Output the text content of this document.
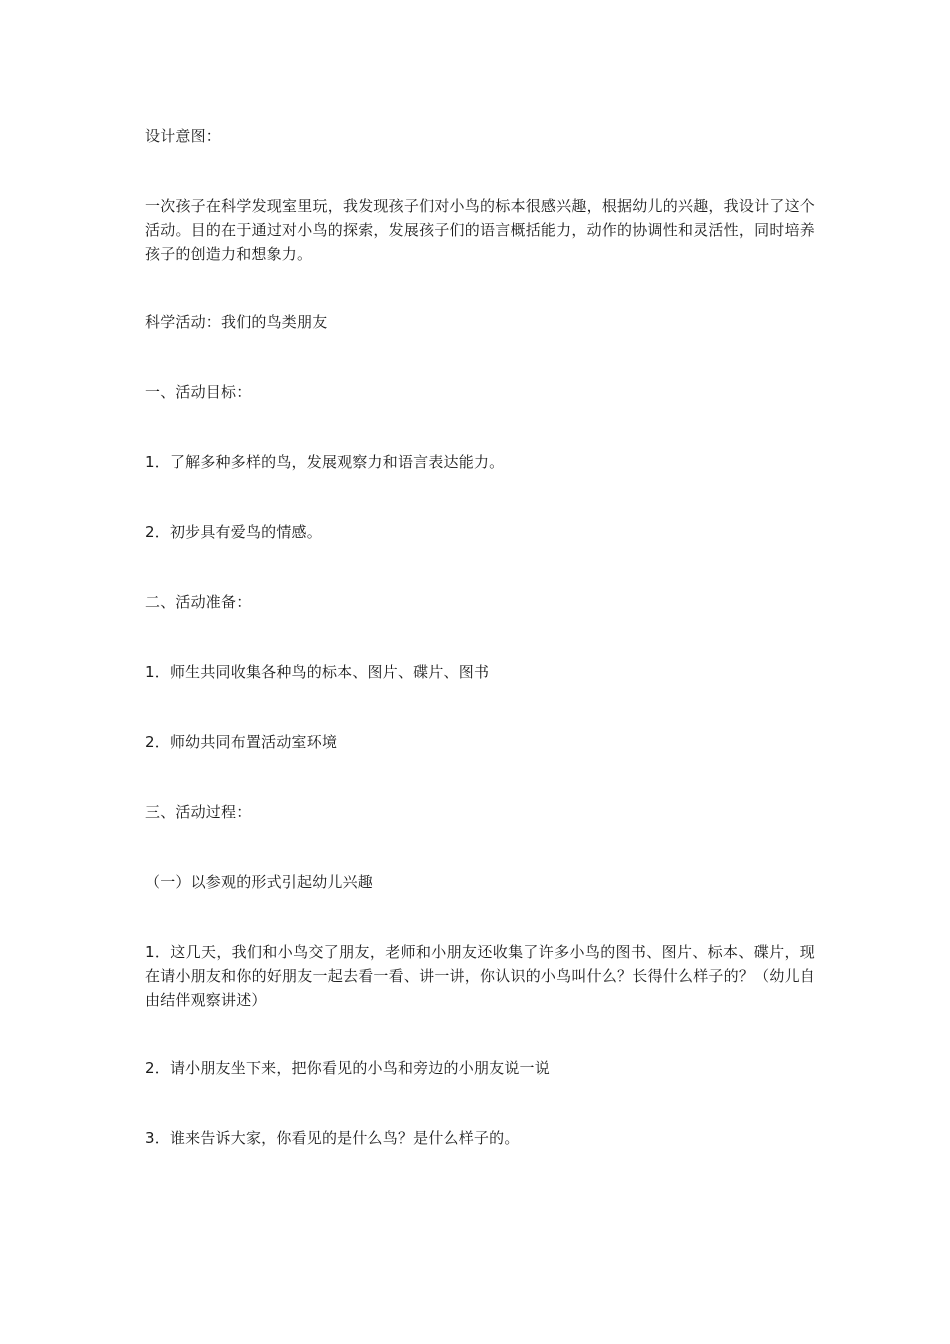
设计意图：

一次孩子在科学发现室里玩，我发现孩子们对小鸟的标本很感兴趣，根据幼儿的兴趣，我设计了这个活动。目的在于通过对小鸟的探索，发展孩子们的语言概括能力，动作的协调性和灵活性，同时培养孩子的创造力和想象力。

科学活动：我们的鸟类朋友

一、活动目标：

1．了解多种多样的鸟，发展观察力和语言表达能力。

2．初步具有爱鸟的情感。

二、活动准备：

1．师生共同收集各种鸟的标本、图片、碟片、图书

2．师幼共同布置活动室环境

三、活动过程：

（一）以参观的形式引起幼儿兴趣

1．这几天，我们和小鸟交了朋友，老师和小朋友还收集了许多小鸟的图书、图片、标本、碟片，现在请小朋友和你的好朋友一起去看一看、讲一讲，你认识的小鸟叫什么？长得什么样子的？（幼儿自由结伴观察讲述）

2．请小朋友坐下来，把你看见的小鸟和旁边的小朋友说一说

3．谁来告诉大家，你看见的是什么鸟？是什么样子的。
